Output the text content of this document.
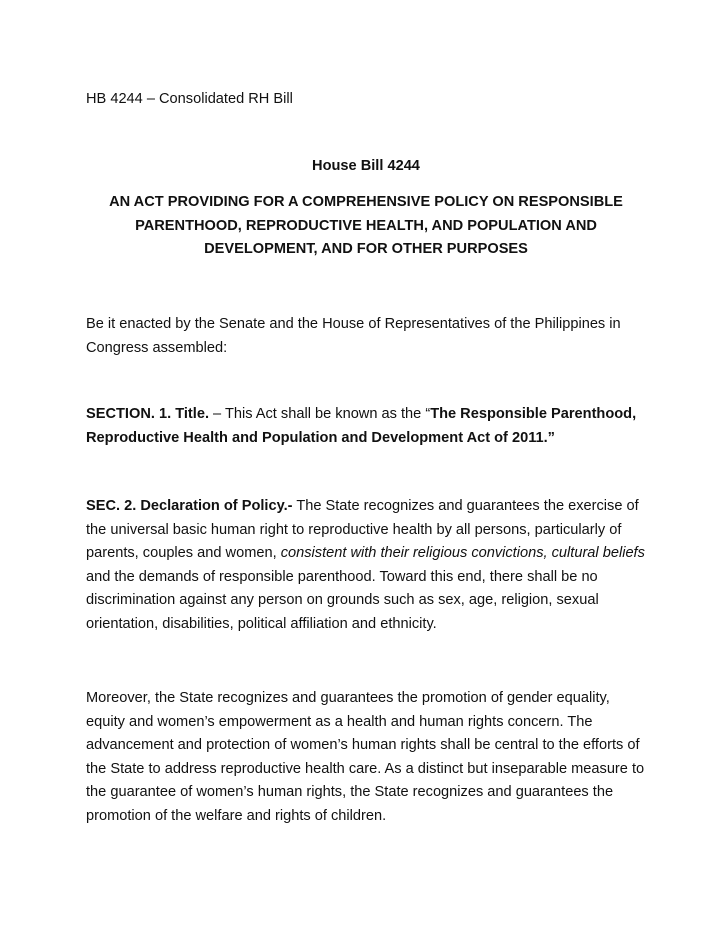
HB 4244 – Consolidated RH Bill

House Bill 4244

AN ACT PROVIDING FOR A COMPREHENSIVE POLICY ON RESPONSIBLE PARENTHOOD, REPRODUCTIVE HEALTH, AND POPULATION AND DEVELOPMENT, AND FOR OTHER PURPOSES

Be it enacted by the Senate and the House of Representatives of the Philippines in Congress assembled:

SECTION. 1. Title. – This Act shall be known as the “The Responsible Parenthood, Reproductive Health and Population and Development Act of 2011.”

SEC. 2. Declaration of Policy.- The State recognizes and guarantees the exercise of the universal basic human right to reproductive health by all persons, particularly of parents, couples and women, consistent with their religious convictions, cultural beliefs and the demands of responsible parenthood. Toward this end, there shall be no discrimination against any person on grounds such as sex, age, religion, sexual orientation, disabilities, political affiliation and ethnicity.

Moreover, the State recognizes and guarantees the promotion of gender equality, equity and women’s empowerment as a health and human rights concern. The advancement and protection of women’s human rights shall be central to the efforts of the State to address reproductive health care. As a distinct but inseparable measure to the guarantee of women’s human rights, the State recognizes and guarantees the promotion of the welfare and rights of children.
